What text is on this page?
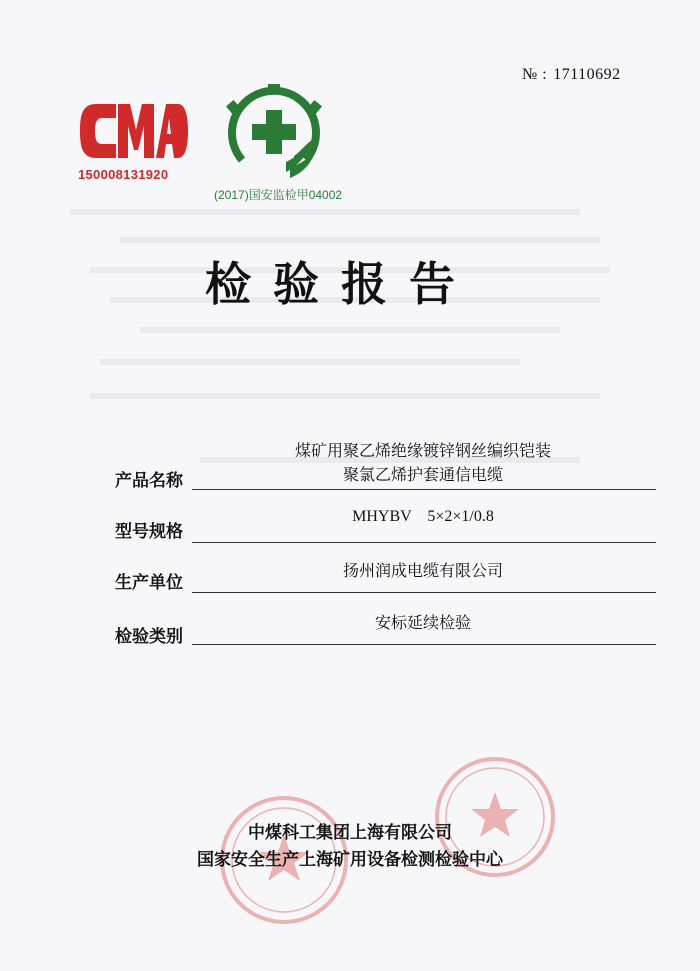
№ : 17110692
150008131920
(2017)国安监检甲04002
检验报告
煤矿用聚乙烯绝缘镀锌钢丝编织铠装
聚氯乙烯护套通信电缆
产品名称
MHYBV    5×2×1/0.8
型号规格
扬州润成电缆有限公司
生产单位
安标延续检验
检验类别
中煤科工集团上海有限公司
国家安全生产上海矿用设备检测检验中心
